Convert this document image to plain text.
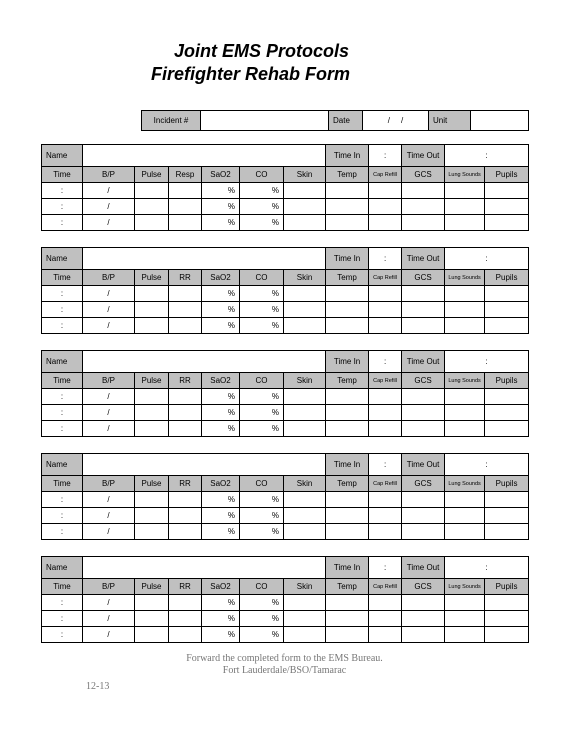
Joint EMS Protocols
Firefighter Rehab Form
Incident #		Date	/     /	Unit	
Name							Time In	:	Time Out	:	
Time	B/P	Pulse	Resp	SaO2	CO	Skin	Temp	Cap Refill	GCS	Lung Sounds	Pupils
:	/			%	%						
:	/			%	%						
:	/			%	%						
Name							Time In	:	Time Out	:	
Time	B/P	Pulse	RR	SaO2	CO	Skin	Temp	Cap Refill	GCS	Lung Sounds	Pupils
:	/			%	%						
:	/			%	%						
:	/			%	%						
Name							Time In	:	Time Out	:	
Time	B/P	Pulse	RR	SaO2	CO	Skin	Temp	Cap Refill	GCS	Lung Sounds	Pupils
:	/			%	%						
:	/			%	%						
:	/			%	%						
Name							Time In	:	Time Out	:	
Time	B/P	Pulse	RR	SaO2	CO	Skin	Temp	Cap Refill	GCS	Lung Sounds	Pupils
:	/			%	%						
:	/			%	%						
:	/			%	%						
Name							Time In	:	Time Out	:	
Time	B/P	Pulse	RR	SaO2	CO	Skin	Temp	Cap Refill	GCS	Lung Sounds	Pupils
:	/			%	%						
:	/			%	%						
:	/			%	%						
Forward the completed form to the EMS Bureau.
Fort Lauderdale/BSO/Tamarac
12-13
